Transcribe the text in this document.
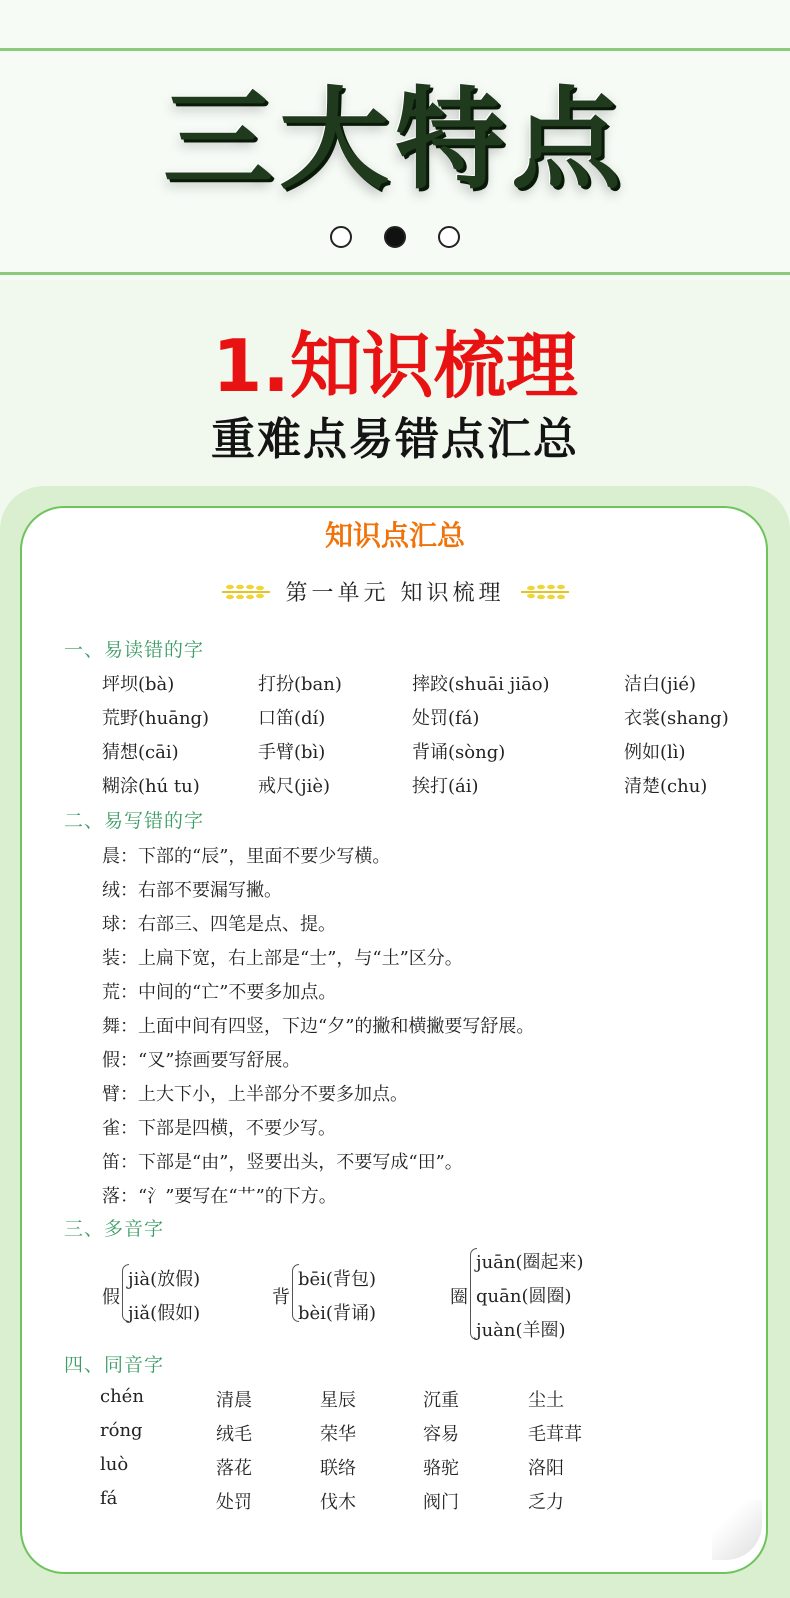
三大特点
1.知识梳理
重难点易错点汇总
知识点汇总
第一单元 知识梳理
一、易读错的字
坪坝(bà)	打扮(ban)	摔跤(shuāi jiāo)	洁白(jié)
荒野(huāng)	口笛(dí)	处罚(fá)	衣裳(shang)
猜想(cāi)	手臂(bì)	背诵(sòng)	例如(lì)
糊涂(hú tu)	戒尺(jiè)	挨打(ái)	清楚(chu)
二、易写错的字
晨：下部的“辰”，里面不要少写横。
绒：右部不要漏写撇。
球：右部三、四笔是点、提。
装：上扁下宽，右上部是“士”，与“土”区分。
荒：中间的“亡”不要多加点。
舞：上面中间有四竖，下边“夕”的撇和横撇要写舒展。
假：“叉”捺画要写舒展。
臂：上大下小，上半部分不要多加点。
雀：下部是四横，不要少写。
笛：下部是“由”，竖要出头，不要写成“田”。
落：“氵”要写在“艹”的下方。
三、多音字
假
jià(放假)
jiǎ(假如)
背
bēi(背包)
bèi(背诵)
圈
juān(圈起来)
quān(圆圈)
juàn(羊圈)
四、同音字
chén	清晨	星辰	沉重	尘土
róng	绒毛	荣华	容易	毛茸茸
luò	落花	联络	骆驼	洛阳
fá	处罚	伐木	阀门	乏力
